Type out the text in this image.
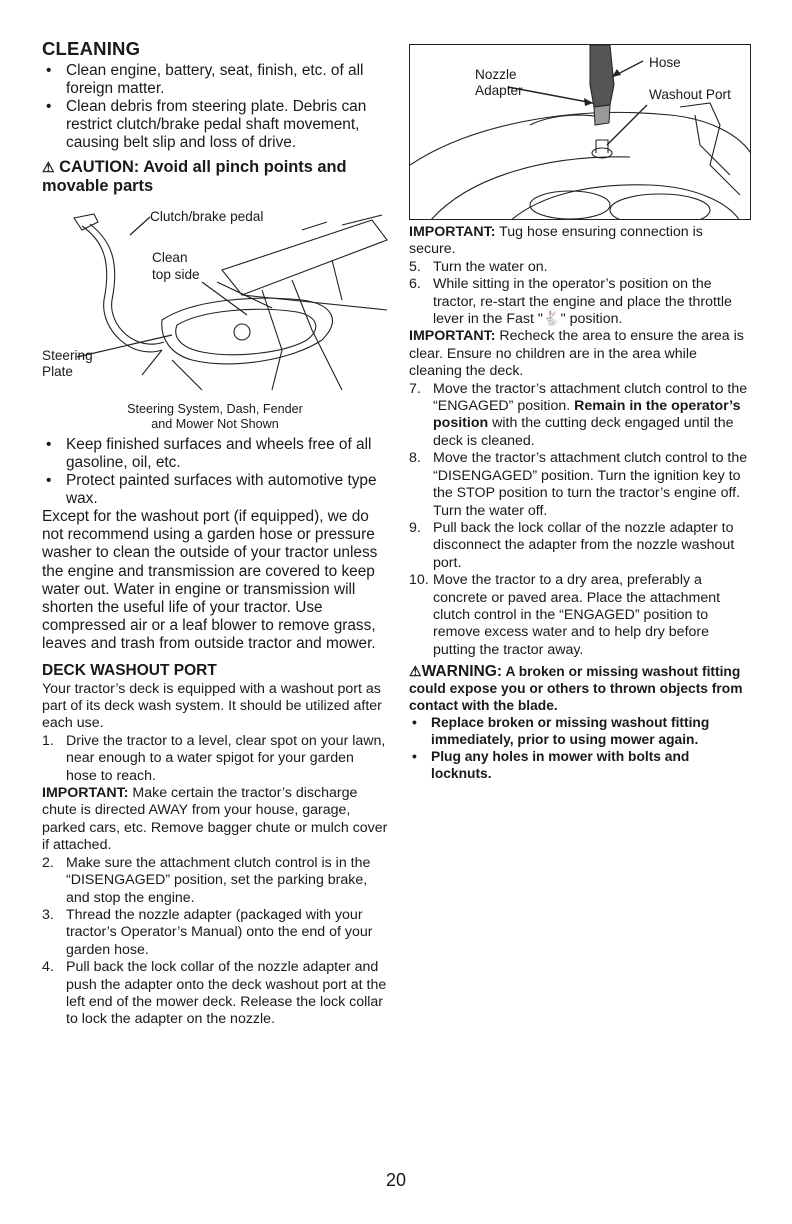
CLEANING
• Clean engine, battery, seat, finish, etc. of all foreign matter.
• Clean debris from steering plate. Debris can restrict clutch/brake pedal shaft movement, causing belt slip and loss of drive.
⚠ CAUTION: Avoid all pinch points and movable parts
Clutch/brake pedal
Clean
top side
Steering
Plate
Steering System, Dash, Fender
and Mower Not Shown
• Keep finished surfaces and wheels free of all gasoline, oil, etc.
• Protect painted surfaces with automotive type wax.

Except for the washout port (if equipped), we do not recommend using a garden hose or pressure washer to clean the outside of your tractor unless the engine and transmission are covered to keep water out. Water in engine or transmission will shorten the useful life of your tractor. Use compressed air or a leaf blower to remove grass, leaves and trash from outside tractor and mower.

DECK WASHOUT PORT

Your tractor’s deck is equipped with a washout port as part of its deck wash system. It should be utilized after each use.

1. Drive the tractor to a level, clear spot on your lawn, near enough to a water spigot for your garden hose to reach.

IMPORTANT: Make certain the tractor’s discharge chute is directed AWAY from your house, garage, parked cars, etc. Remove bagger chute or mulch cover if attached.

2. Make sure the attachment clutch control is in the “DISENGAGED” position, set the parking brake, and stop the engine.
3. Thread the nozzle adapter (packaged with your tractor’s Operator’s Manual) onto the end of your garden hose.
4. Pull back the lock collar of the nozzle adapter and push the adapter onto the deck washout port at the left end of the mower deck. Release the lock collar to lock the adapter on the nozzle.
Nozzle
Adapter
Hose
Washout Port

IMPORTANT: Tug hose ensuring connection is secure.

5. Turn the water on.
6. While sitting in the operator’s position on the tractor, re-start the engine and place the throttle lever in the Fast "🐇" position.

IMPORTANT: Recheck the area to ensure the area is clear. Ensure no children are in the area while cleaning the deck.

7. Move the tractor’s attachment clutch control to the “ENGAGED” position. Remain in the operator’s position with the cutting deck engaged until the deck is cleaned.
8. Move the tractor’s attachment clutch control to the “DISENGAGED” position. Turn the ignition key to the STOP position to turn the tractor’s engine off. Turn the water off.
9. Pull back the lock collar of the nozzle adapter to disconnect the adapter from the nozzle washout port.
10. Move the tractor to a dry area, preferably a concrete or paved area. Place the attachment clutch control in the “ENGAGED” position to remove excess water and to help dry before putting the tractor away.
⚠WARNING: A broken or missing washout fitting could expose you or others to thrown objects from contact with the blade.
• Replace broken or missing washout fitting immediately, prior to using mower again.
• Plug any holes in mower with bolts and locknuts.
20
